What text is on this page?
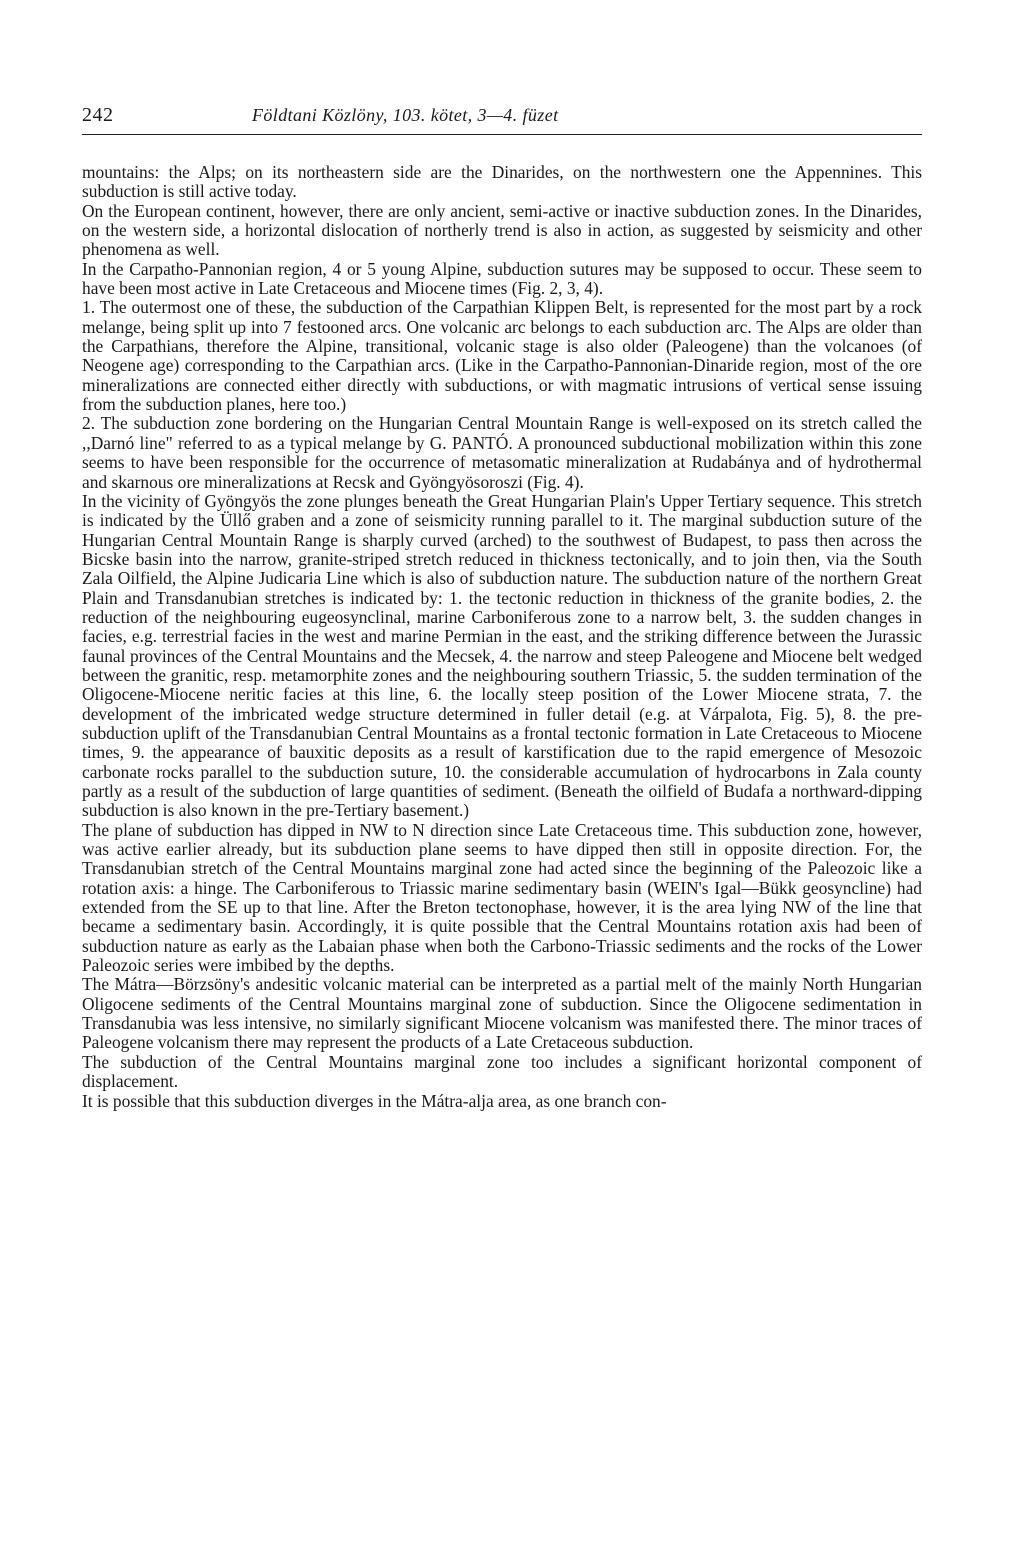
242	Földtani Közlöny, 103. kötet, 3—4. füzet

mountains: the Alps; on its northeastern side are the Dinarides, on the northwestern one the Appennines. This subduction is still active today.

On the European continent, however, there are only ancient, semi-active or inactive subduction zones. In the Dinarides, on the western side, a horizontal dislocation of northerly trend is also in action, as suggested by seismicity and other phenomena as well.

In the Carpatho-Pannonian region, 4 or 5 young Alpine, subduction sutures may be supposed to occur. These seem to have been most active in Late Cretaceous and Miocene times (Fig. 2, 3, 4).

1. The outermost one of these, the subduction of the Carpathian Klippen Belt, is represented for the most part by a rock melange, being split up into 7 festooned arcs. One volcanic arc belongs to each subduction arc. The Alps are older than the Carpathians, therefore the Alpine, transitional, volcanic stage is also older (Paleogene) than the volcanoes (of Neogene age) corresponding to the Carpathian arcs. (Like in the Carpatho-Pannonian-Dinaride region, most of the ore mineralizations are connected either directly with subductions, or with magmatic intrusions of vertical sense issuing from the subduction planes, here too.)

2. The subduction zone bordering on the Hungarian Central Mountain Range is well-exposed on its stretch called the ,,Darnó line" referred to as a typical melange by G. PANTÓ. A pronounced subductional mobilization within this zone seems to have been responsible for the occurrence of metasomatic mineralization at Rudabánya and of hydrothermal and skarnous ore mineralizations at Recsk and Gyöngyösoroszi (Fig. 4).

In the vicinity of Gyöngyös the zone plunges beneath the Great Hungarian Plain's Upper Tertiary sequence. This stretch is indicated by the Üllő graben and a zone of seismicity running parallel to it. The marginal subduction suture of the Hungarian Central Mountain Range is sharply curved (arched) to the southwest of Budapest, to pass then across the Bicske basin into the narrow, granite-striped stretch reduced in thickness tectonically, and to join then, via the South Zala Oilfield, the Alpine Judicaria Line which is also of subduction nature. The subduction nature of the northern Great Plain and Transdanubian stretches is indicated by: 1. the tectonic reduction in thickness of the granite bodies, 2. the reduction of the neighbouring eugeosynclinal, marine Carboniferous zone to a narrow belt, 3. the sudden changes in facies, e.g. terrestrial facies in the west and marine Permian in the east, and the striking difference between the Jurassic faunal provinces of the Central Mountains and the Mecsek, 4. the narrow and steep Paleogene and Miocene belt wedged between the granitic, resp. metamorphite zones and the neighbouring southern Triassic, 5. the sudden termination of the Oligocene-Miocene neritic facies at this line, 6. the locally steep position of the Lower Miocene strata, 7. the development of the imbricated wedge structure determined in fuller detail (e.g. at Várpalota, Fig. 5), 8. the pre-subduction uplift of the Transdanubian Central Mountains as a frontal tectonic formation in Late Cretaceous to Miocene times, 9. the appearance of bauxitic deposits as a result of karstification due to the rapid emergence of Mesozoic carbonate rocks parallel to the subduction suture, 10. the considerable accumulation of hydrocarbons in Zala county partly as a result of the subduction of large quantities of sediment. (Beneath the oilfield of Budafa a northward-dipping subduction is also known in the pre-Tertiary basement.)

The plane of subduction has dipped in NW to N direction since Late Cretaceous time. This subduction zone, however, was active earlier already, but its subduction plane seems to have dipped then still in opposite direction. For, the Transdanubian stretch of the Central Mountains marginal zone had acted since the beginning of the Paleozoic like a rotation axis: a hinge. The Carboniferous to Triassic marine sedimentary basin (WEIN's Igal—Bükk geosyncline) had extended from the SE up to that line. After the Breton tectonophase, however, it is the area lying NW of the line that became a sedimentary basin. Accordingly, it is quite possible that the Central Mountains rotation axis had been of subduction nature as early as the Labaian phase when both the Carbono-Triassic sediments and the rocks of the Lower Paleozoic series were imbibed by the depths.

The Mátra—Börzsöny's andesitic volcanic material can be interpreted as a partial melt of the mainly North Hungarian Oligocene sediments of the Central Mountains marginal zone of subduction. Since the Oligocene sedimentation in Transdanubia was less intensive, no similarly significant Miocene volcanism was manifested there. The minor traces of Paleogene volcanism there may represent the products of a Late Cretaceous subduction.

The subduction of the Central Mountains marginal zone too includes a significant horizontal component of displacement.

It is possible that this subduction diverges in the Mátra-alja area, as one branch con-
